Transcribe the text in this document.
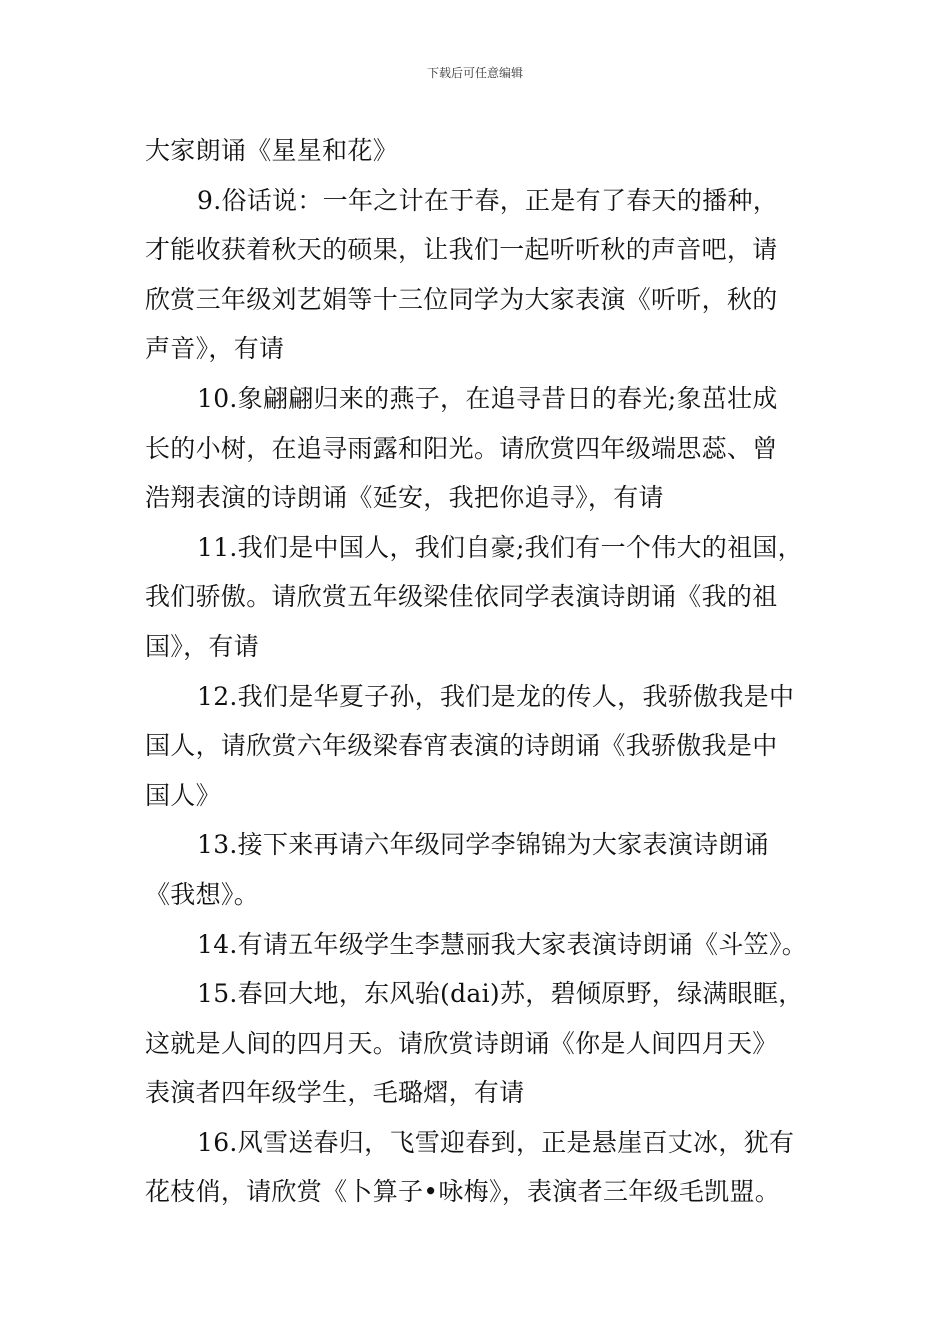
下载后可任意编辑
大家朗诵《星星和花》
9.俗话说：一年之计在于春，正是有了春天的播种，
才能收获着秋天的硕果，让我们一起听听秋的声音吧，请
欣赏三年级刘艺娟等十三位同学为大家表演《听听，秋的
声音》，有请
10.象翩翩归来的燕子，在追寻昔日的春光;象茁壮成
长的小树，在追寻雨露和阳光。请欣赏四年级端思蕊、曾
浩翔表演的诗朗诵《延安，我把你追寻》，有请
11.我们是中国人，我们自豪;我们有一个伟大的祖国，
我们骄傲。请欣赏五年级梁佳依同学表演诗朗诵《我的祖
国》，有请
12.我们是华夏子孙，我们是龙的传人，我骄傲我是中
国人，请欣赏六年级梁春宵表演的诗朗诵《我骄傲我是中
国人》
13.接下来再请六年级同学李锦锦为大家表演诗朗诵
《我想》。
14.有请五年级学生李慧丽我大家表演诗朗诵《斗笠》。
15.春回大地，东风骀(dai)苏，碧倾原野，绿满眼眶，
这就是人间的四月天。请欣赏诗朗诵《你是人间四月天》
表演者四年级学生，毛璐熠，有请
16.风雪送春归，飞雪迎春到，正是悬崖百丈冰，犹有
花枝俏，请欣赏《卜算子•咏梅》，表演者三年级毛凯盟。
